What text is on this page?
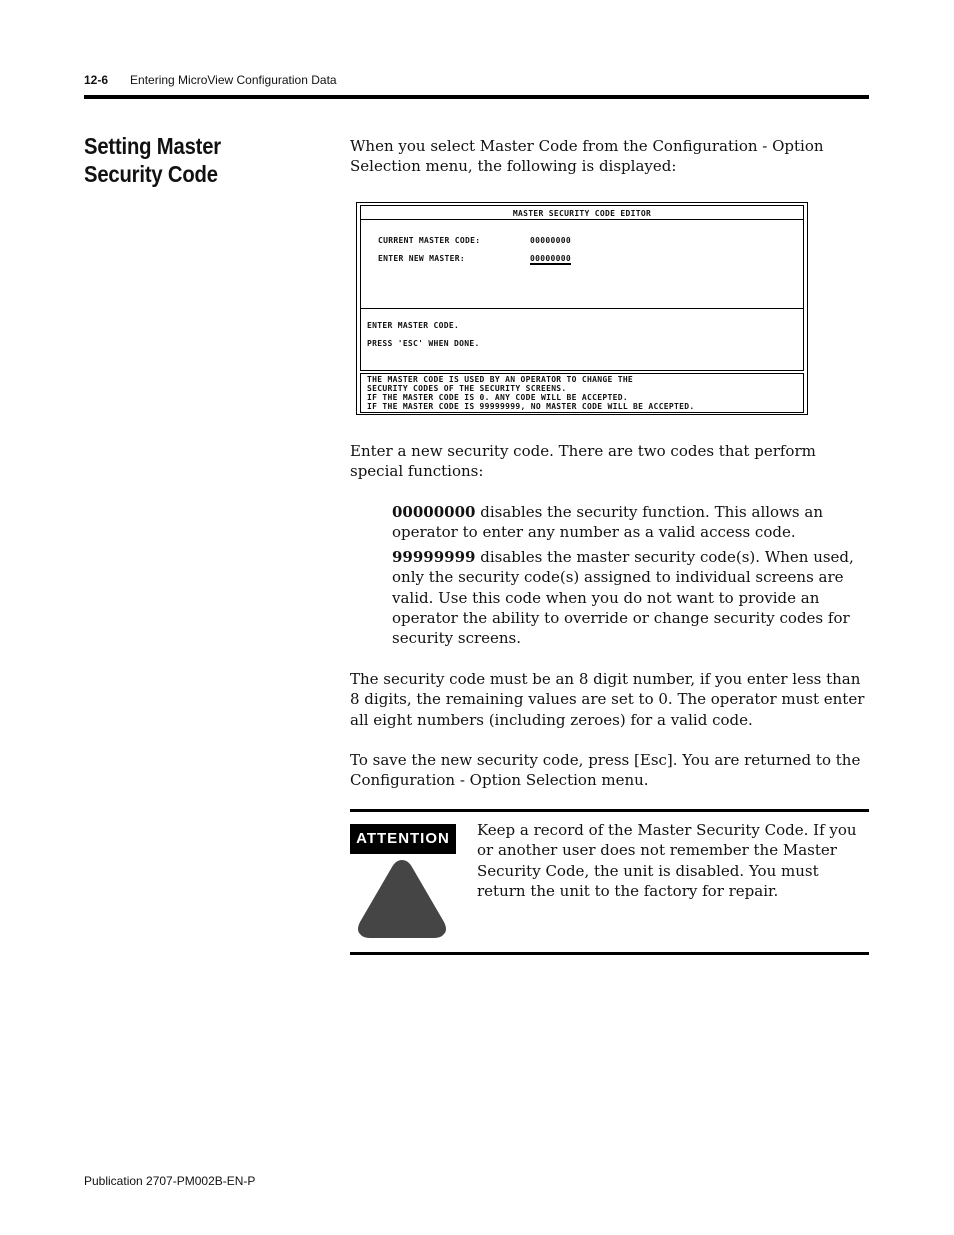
12-6 Entering MicroView Configuration Data
Setting Master Security Code
When you select Master Code from the Configuration - Option Selection menu, the following is displayed:
MASTER SECURITY CODE EDITOR
CURRENT MASTER CODE:	00000000
ENTER NEW MASTER:	00000000
ENTER MASTER CODE.
PRESS 'ESC' WHEN DONE.
THE MASTER CODE IS USED BY AN OPERATOR TO CHANGE THE
SECURITY CODES OF THE SECURITY SCREENS.
IF THE MASTER CODE IS 0. ANY CODE WILL BE ACCEPTED.
IF THE MASTER CODE IS 99999999, NO MASTER CODE WILL BE ACCEPTED.
Enter a new security code. There are two codes that perform special functions:
00000000 disables the security function. This allows an operator to enter any number as a valid access code.
99999999 disables the master security code(s). When used, only the security code(s) assigned to individual screens are valid. Use this code when you do not want to provide an operator the ability to override or change security codes for security screens.
The security code must be an 8 digit number, if you enter less than 8 digits, the remaining values are set to 0. The operator must enter all eight numbers (including zeroes) for a valid code.
To save the new security code, press [Esc]. You are returned to the Configuration - Option Selection menu.
ATTENTION	Keep a record of the Master Security Code. If you or another user does not remember the Master Security Code, the unit is disabled. You must return the unit to the factory for repair.
Publication 2707-PM002B-EN-P
